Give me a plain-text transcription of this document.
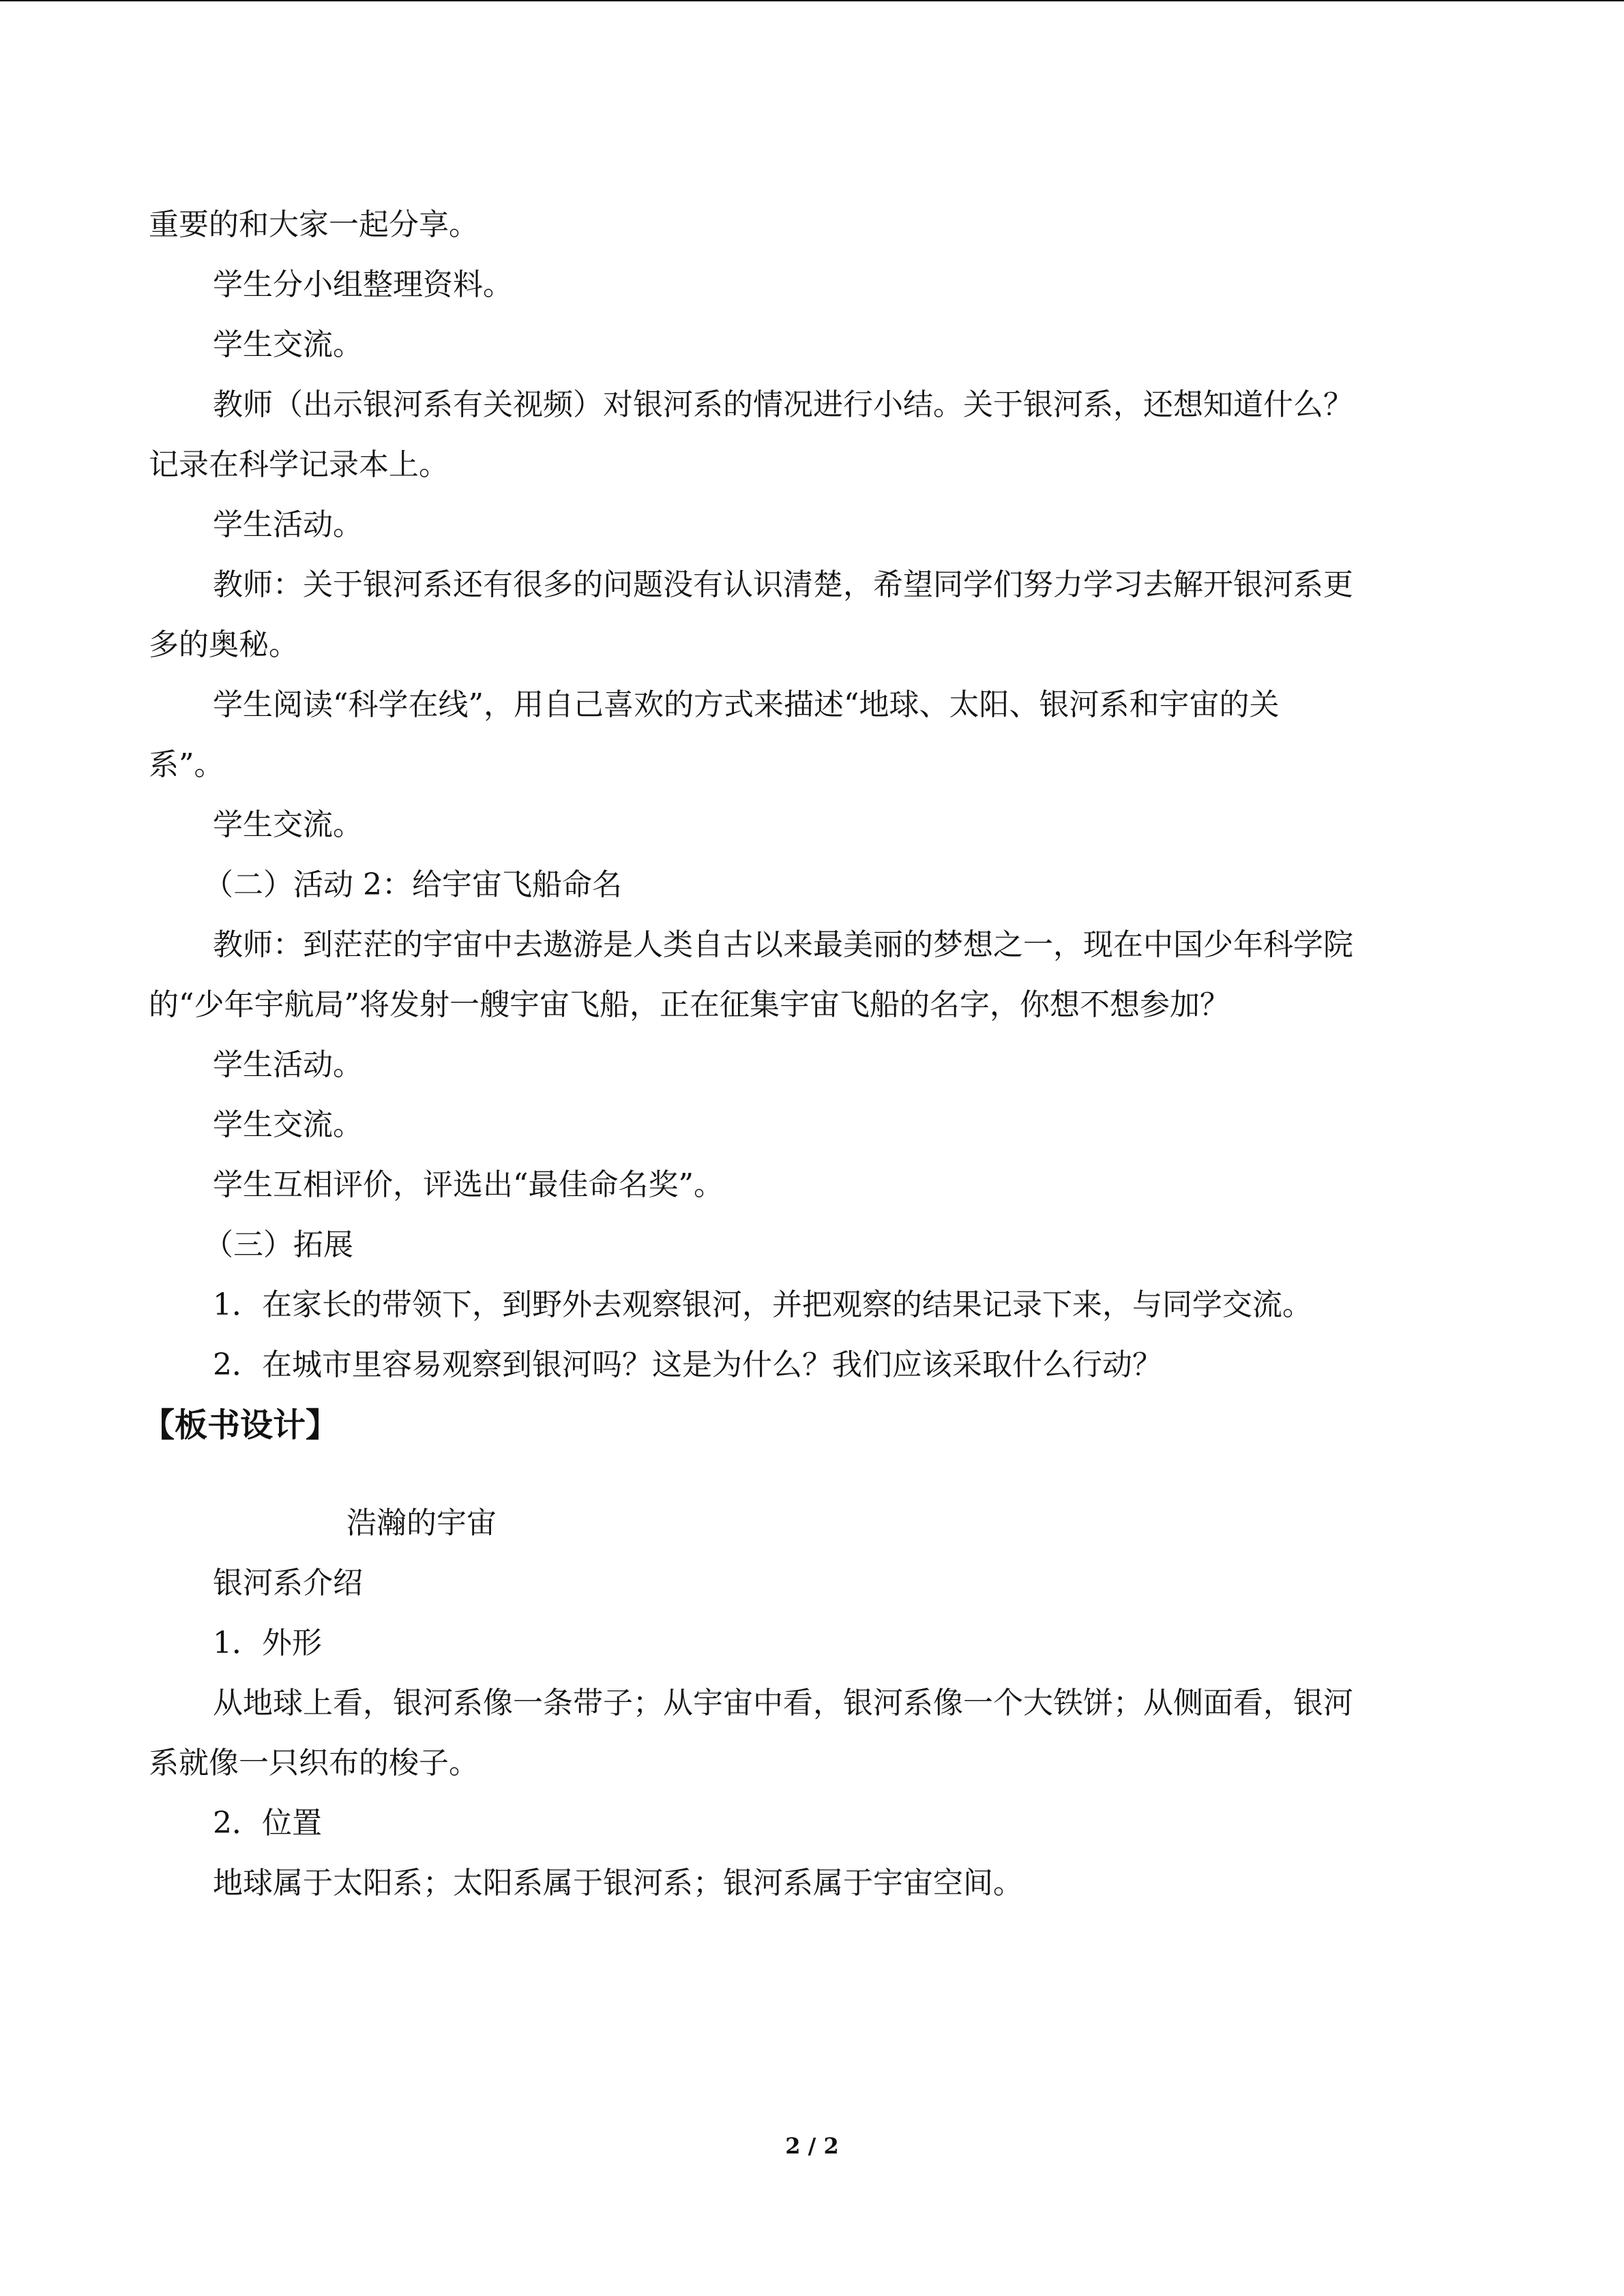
重要的和大家一起分享。
学生分小组整理资料。
学生交流。
教师（出示银河系有关视频）对银河系的情况进行小结。关于银河系，还想知道什么？
记录在科学记录本上。
学生活动。
教师：关于银河系还有很多的问题没有认识清楚，希望同学们努力学习去解开银河系更
多的奥秘。
学生阅读“科学在线”，用自己喜欢的方式来描述“地球、太阳、银河系和宇宙的关
系”。
学生交流。
（二）活动 2：给宇宙飞船命名
教师：到茫茫的宇宙中去遨游是人类自古以来最美丽的梦想之一，现在中国少年科学院
的“少年宇航局”将发射一艘宇宙飞船，正在征集宇宙飞船的名字，你想不想参加？
学生活动。
学生交流。
学生互相评价，评选出“最佳命名奖”。
（三）拓展
1．在家长的带领下，到野外去观察银河，并把观察的结果记录下来，与同学交流。
2．在城市里容易观察到银河吗？这是为什么？我们应该采取什么行动？
【板书设计】
浩瀚的宇宙
银河系介绍
1．外形
从地球上看，银河系像一条带子；从宇宙中看，银河系像一个大铁饼；从侧面看，银河
系就像一只织布的梭子。
2．位置
地球属于太阳系；太阳系属于银河系；银河系属于宇宙空间。
2 / 2
